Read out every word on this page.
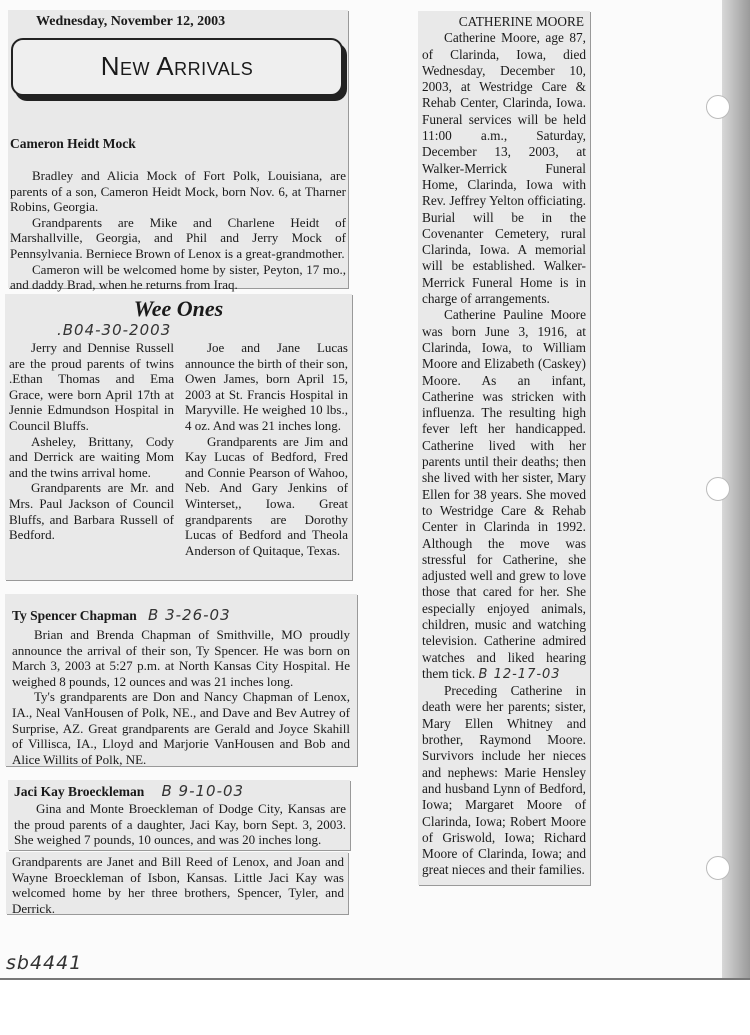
Wednesday, November 12, 2003
New Arrivals
Cameron Heidt Mock

Bradley and Alicia Mock of Fort Polk, Louisiana, are parents of a son, Cameron Heidt Mock, born Nov. 6, at Tharner Robins, Georgia.

Grandparents are Mike and Charlene Heidt of Marshallville, Georgia, and Phil and Jerry Mock of Pennsylvania. Berniece Brown of Lenox is a great-grandmother.

Cameron will be welcomed home by sister, Peyton, 17 mo., and daddy Brad, when he returns from Iraq.

Wee Ones
.B04-30-2003

Jerry and Dennise Russell are the proud parents of twins .Ethan Thomas and Ema Grace, were born April 17th at Jennie Edmundson Hospital in Council Bluffs.

Asheley, Brittany, Cody and Derrick are waiting Mom and the twins arrival home.

Grandparents are Mr. and Mrs. Paul Jackson of Council Bluffs, and Barbara Russell of Bedford.

Joe and Jane Lucas announce the birth of their son, Owen James, born April 15, 2003 at St. Francis Hospital in Maryville. He weighed 10 lbs., 4 oz. And was 21 inches long.

Grandparents are Jim and Kay Lucas of Bedford, Fred and Connie Pearson of Wahoo, Neb. And Gary Jenkins of Winterset,, Iowa. Great grandparents are Dorothy Lucas of Bedford and Theola Anderson of Quitaque, Texas.

Ty Spencer Chapman B 3-26-03

Brian and Brenda Chapman of Smithville, MO proudly announce the arrival of their son, Ty Spencer. He was born on March 3, 2003 at 5:27 p.m. at North Kansas City Hospital. He weighed 8 pounds, 12 ounces and was 21 inches long.

Ty's grandparents are Don and Nancy Chapman of Lenox, IA., Neal VanHousen of Polk, NE., and Dave and Bev Autrey of Surprise, AZ. Great grandparents are Gerald and Joyce Skahill of Villisca, IA., Lloyd and Marjorie VanHousen and Bob and Alice Willits of Polk, NE.

Jaci Kay Broeckleman B 9-10-03

Gina and Monte Broeckleman of Dodge City, Kansas are the proud parents of a daughter, Jaci Kay, born Sept. 3, 2003. She weighed 7 pounds, 10 ounces, and was 20 inches long.

Grandparents are Janet and Bill Reed of Lenox, and Joan and Wayne Broeckleman of Isbon, Kansas. Little Jaci Kay was welcomed home by her three brothers, Spencer, Tyler, and Derrick.

CATHERINE MOORE

Catherine Moore, age 87, of Clarinda, Iowa, died Wednesday, December 10, 2003, at Westridge Care & Rehab Center, Clarinda, Iowa. Funeral services will be held 11:00 a.m., Saturday, December 13, 2003, at Walker-Merrick Funeral Home, Clarinda, Iowa with Rev. Jeffrey Yelton officiating. Burial will be in the Covenanter Cemetery, rural Clarinda, Iowa. A memorial will be established. Walker-Merrick Funeral Home is in charge of arrangements.

Catherine Pauline Moore was born June 3, 1916, at Clarinda, Iowa, to William Moore and Elizabeth (Caskey) Moore. As an infant, Catherine was stricken with influenza. The resulting high fever left her handicapped. Catherine lived with her parents until their deaths; then she lived with her sister, Mary Ellen for 38 years. She moved to Westridge Care & Rehab Center in Clarinda in 1992. Although the move was stressful for Catherine, she adjusted well and grew to love those that cared for her. She especially enjoyed animals, children, music and watching television. Catherine admired watches and liked hearing them tick. B 12-17-03

Preceding Catherine in death were her parents; sister, Mary Ellen Whitney and brother, Raymond Moore. Survivors include her nieces and nephews: Marie Hensley and husband Lynn of Bedford, Iowa; Margaret Moore of Clarinda, Iowa; Robert Moore of Griswold, Iowa; Richard Moore of Clarinda, Iowa; and great nieces and their families.

sb4441
